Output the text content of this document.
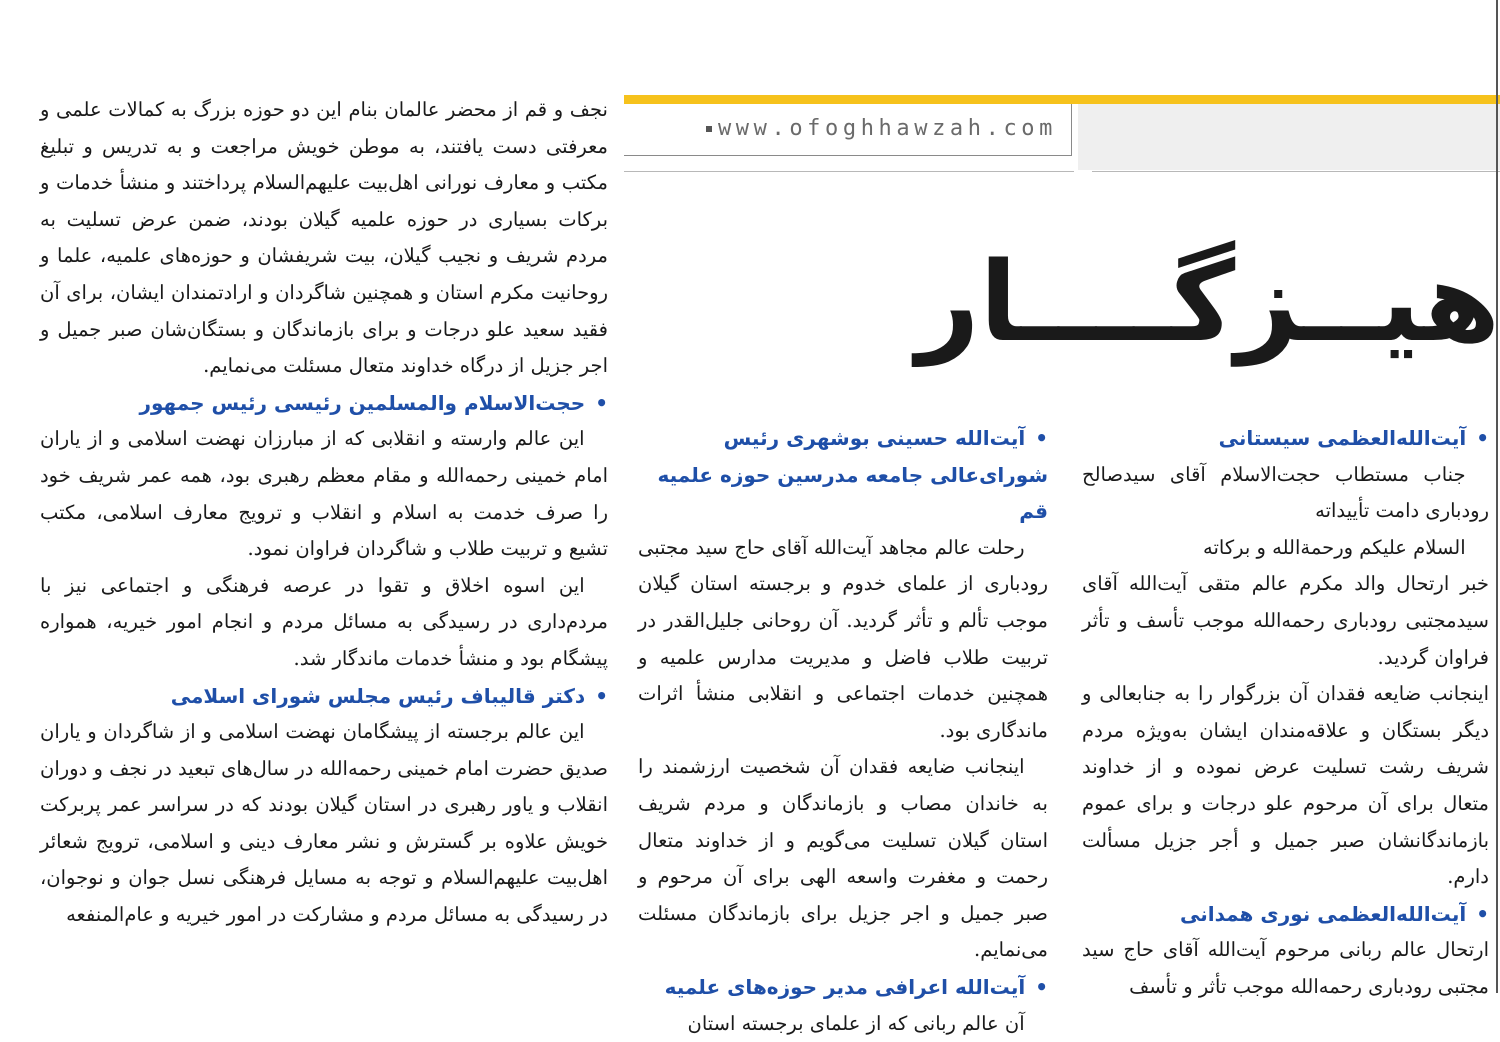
www.ofoghhawzah.com
هیــزگــــار

نجف و قم از محضر عالمان بنام این دو حوزه بزرگ به کمالات علمی و معرفتی دست یافتند، به موطن خویش مراجعت و به تدریس و تبلیغ مکتب و معارف نورانی اهل‌بیت علیهم‌السلام پرداختند و منشأ خدمات و برکات بسیاری در حوزه علمیه گیلان بودند، ضمن عرض تسلیت به مردم شریف و نجیب گیلان، بیت شریفشان و حوزه‌های علمیه، علما و روحانیت مکرم استان و همچنین شاگردان و ارادتمندان ایشان، برای آن فقید سعید علو درجات و برای بازماندگان و بستگان‌شان صبر جمیل و اجر جزیل از درگاه خداوند متعال مسئلت می‌نمایم.

•حجت‌الاسلام والمسلمین رئیسی رئیس جمهور

این عالم وارسته و انقلابی که از مبارزان نهضت اسلامی و از یاران امام خمینی رحمه‌الله و مقام معظم رهبری بود، همه عمر شریف خود را صرف خدمت به اسلام و انقلاب و ترویج معارف اسلامی، مکتب تشیع و تربیت طلاب و شاگردان فراوان نمود.

این اسوه اخلاق و تقوا در عرصه فرهنگی و اجتماعی نیز با مردم‌داری در رسیدگی به مسائل مردم و انجام امور خیریه، همواره پیشگام بود و منشأ خدمات ماندگار شد.

•دکتر قالیباف رئیس مجلس شورای اسلامی

این عالم برجسته از پیشگامان نهضت اسلامی و از شاگردان و یاران صدیق حضرت امام خمینی رحمه‌الله در سال‌های تبعید در نجف و دوران انقلاب و یاور رهبری در استان گیلان بودند که در سراسر عمر پربرکت خویش علاوه بر گسترش و نشر معارف دینی و اسلامی، ترویج شعائر اهل‌بیت علیهم‌السلام و توجه به مسایل فرهنگی نسل جوان و نوجوان، در رسیدگی به مسائل مردم و مشارکت در امور خیریه و عام‌المنفعه

•آیت‌الله حسینی بوشهری رئیس شورای‌عالی جامعه مدرسین حوزه علمیه قم

رحلت عالم مجاهد آیت‌الله آقای حاج سید مجتبی رودباری از علمای خدوم و برجسته استان گیلان موجب تألم و تأثر گردید. آن روحانی جلیل‌القدر در تربیت طلاب فاضل و مدیریت مدارس علمیه و همچنین خدمات اجتماعی و انقلابی منشأ اثرات ماندگاری بود.

اینجانب ضایعه فقدان آن شخصیت ارزشمند را به خاندان مصاب و بازماندگان و مردم شریف استان گیلان تسلیت می‌گویم و از خداوند متعال رحمت و مغفرت واسعه الهی برای آن مرحوم و صبر جمیل و اجر جزیل برای بازماندگان مسئلت می‌نمایم.

•آیت‌الله اعرافی مدیر حوزه‌های علمیه

آن عالم ربانی که از علمای برجسته استان

•آیت‌الله‌العظمی سیستانی

جناب مستطاب حجت‌الاسلام آقای سیدصالح رودباری دامت تأییداته

السلام علیکم ورحمة‌الله و برکاته

خبر ارتحال والد مکرم عالم متقی آیت‌الله آقای سیدمجتبی رودباری رحمه‌الله موجب تأسف و تأثر فراوان گردید.

اینجانب ضایعه فقدان آن بزرگوار را به جنابعالی و دیگر بستگان و علاقه‌مندان ایشان به‌ویژه مردم شریف رشت تسلیت عرض نموده و از خداوند متعال برای آن مرحوم علو درجات و برای عموم بازماندگانشان صبر جمیل و أجر جزیل مسألت دارم.

•آیت‌الله‌العظمی نوری همدانی

ارتحال عالم ربانی مرحوم آیت‌الله آقای حاج سید مجتبی رودباری رحمه‌الله موجب تأثر و تأسف
